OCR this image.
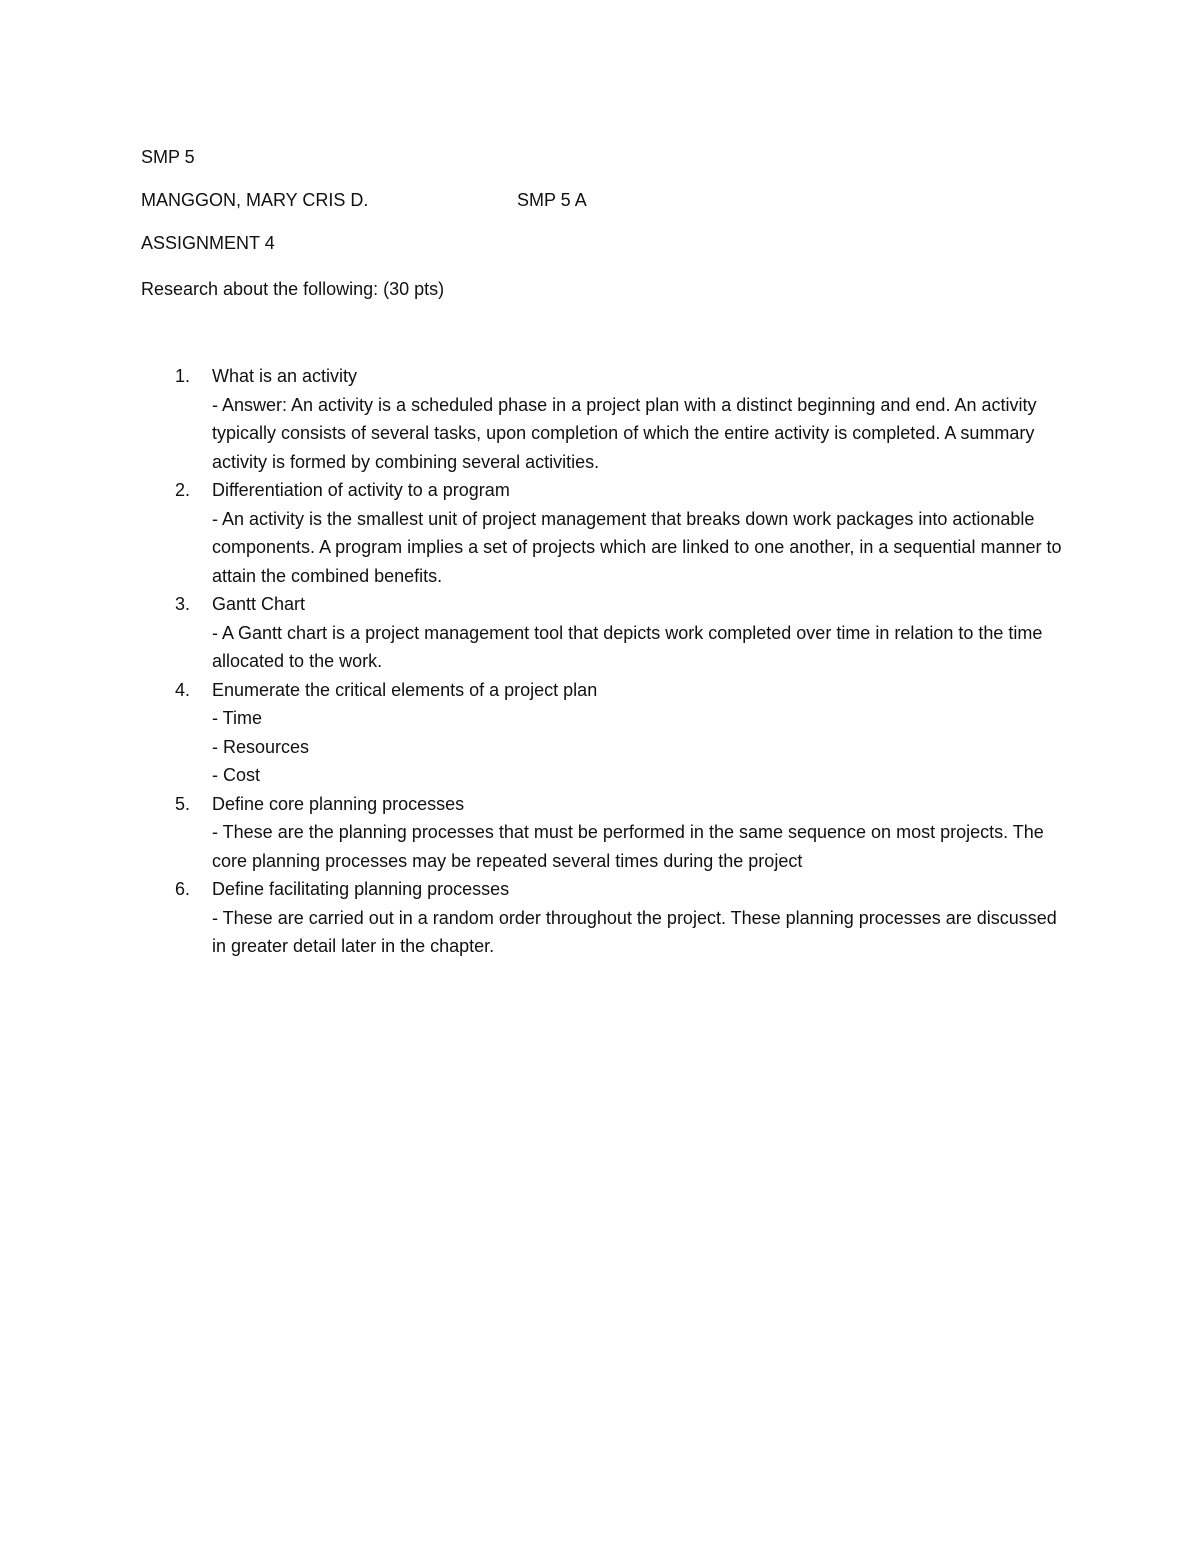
SMP 5
MANGGON, MARY CRIS D.	SMP 5 A
ASSIGNMENT 4
Research about the following: (30 pts)
1.	What is an activity
- Answer: An activity is a scheduled phase in a project plan with a distinct beginning and end. An activity typically consists of several tasks, upon completion of which the entire activity is completed. A summary activity is formed by combining several activities.
2.	Differentiation of activity to a program
- An activity is the smallest unit of project management that breaks down work packages into actionable components. A program implies a set of projects which are linked to one another, in a sequential manner to attain the combined benefits.
3.	Gantt Chart
- A Gantt chart is a project management tool that depicts work completed over time in relation to the time allocated to the work.
4.	Enumerate the critical elements of a project plan
- Time
- Resources
- Cost
5.	Define core planning processes
- These are the planning processes that must be performed in the same sequence on most projects. The core planning processes may be repeated several times during the project
6.	Define facilitating planning processes
- These are carried out in a random order throughout the project. These planning processes are discussed in greater detail later in the chapter.
